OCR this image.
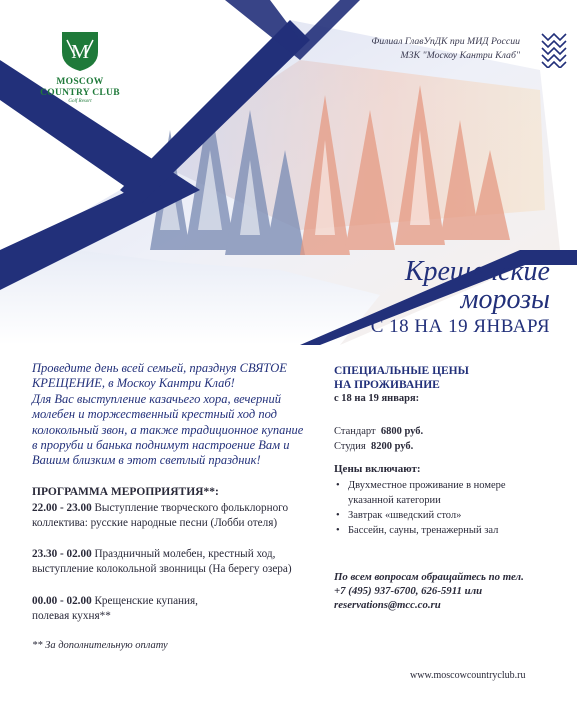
M
MOSCOW
COUNTRY CLUB
Golf Resort
Филиал ГлавУпДК при МИД России
МЗК "Москоу Кантри Клаб"
Крещенские
морозы
С 18 НА 19 ЯНВАРЯ
Проведите день всей семьей, празднуя СВЯТОЕ
КРЕЩЕНИЕ, в Москоу Кантри Клаб!
Для Вас выступление казачьего хора, вечерний
молебен и торжественный крестный ход под
колокольный звон, а также традиционное купание
в проруби и банька поднимут настроение Вам и
Вашим близким в этот светлый праздник!
ПРОГРАММА МЕРОПРИЯТИЯ**:
22.00 - 23.00 Выступление творческого фольклорного
коллектива: русские народные песни (Лобби отеля)
23.30 - 02.00 Праздничный молебен, крестный ход,
выступление колокольной звонницы (На берегу озера)
00.00 - 02.00 Крещенские купания,
полевая кухня**
** За дополнительную оплату
СПЕЦИАЛЬНЫЕ ЦЕНЫ
НА ПРОЖИВАНИЕ
с 18 на 19 января:
Стандарт 6800 руб.
Студия 8200 руб.
Цены включают:
• Двухместное проживание в номере
указанной категории
• Завтрак «шведский стол»
• Бассейн, сауны, тренажерный зал
По всем вопросам обращайтесь по тел.
+7 (495) 937-6700, 626-5911 или
reservations@mcc.co.ru
www.moscowcountryclub.ru
